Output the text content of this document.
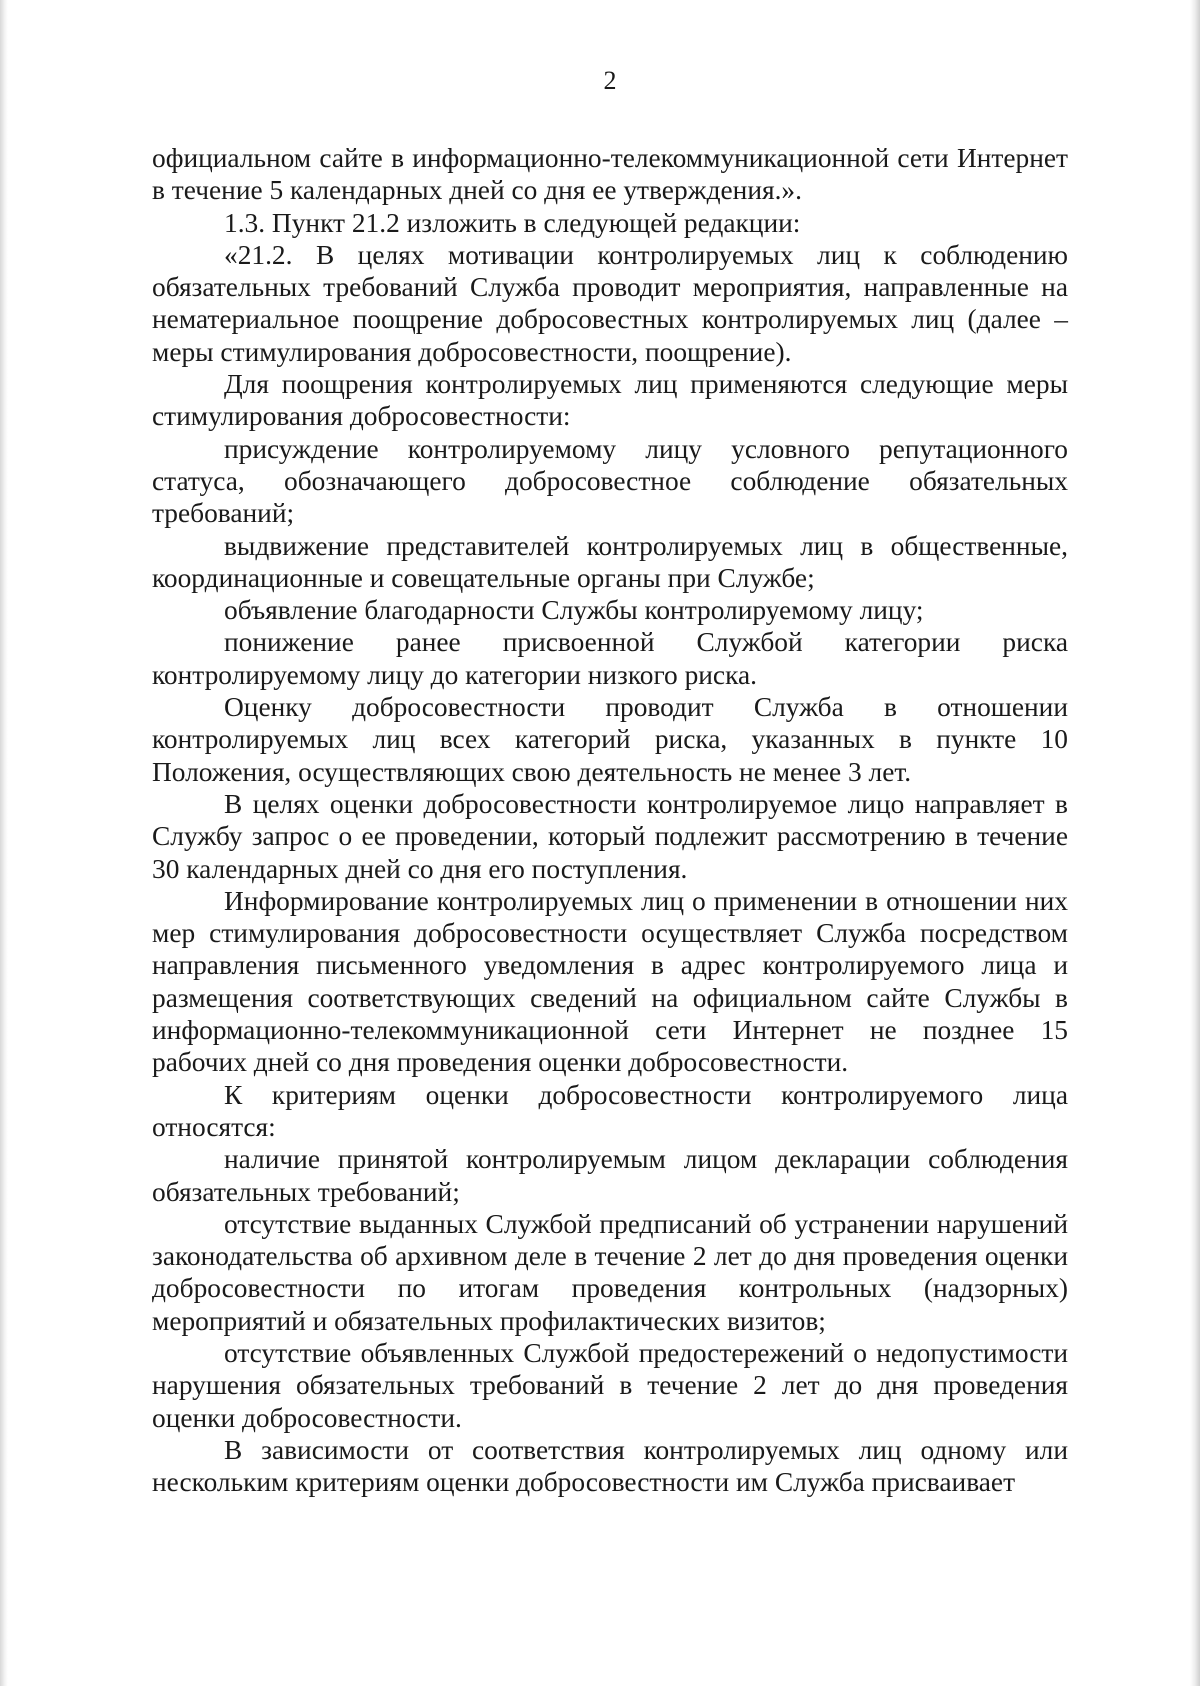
2

официальном сайте в информационно-телекоммуникационной сети Интернет в течение 5 календарных дней со дня ее утверждения.».

1.3. Пункт 21.2 изложить в следующей редакции:

«21.2. В целях мотивации контролируемых лиц к соблюдению обязательных требований Служба проводит мероприятия, направленные на нематериальное поощрение добросовестных контролируемых лиц (далее – меры стимулирования добросовестности, поощрение).

Для поощрения контролируемых лиц применяются следующие меры стимулирования добросовестности:

присуждение контролируемому лицу условного репутационного статуса, обозначающего добросовестное соблюдение обязательных требований;

выдвижение представителей контролируемых лиц в общественные, координационные и совещательные органы при Службе;

объявление благодарности Службы контролируемому лицу;

понижение ранее присвоенной Службой категории риска контролируемому лицу до категории низкого риска.

Оценку добросовестности проводит Служба в отношении контролируемых лиц всех категорий риска, указанных в пункте 10 Положения, осуществляющих свою деятельность не менее 3 лет.

В целях оценки добросовестности контролируемое лицо направляет в Службу запрос о ее проведении, который подлежит рассмотрению в течение 30 календарных дней со дня его поступления.

Информирование контролируемых лиц о применении в отношении них мер стимулирования добросовестности осуществляет Служба посредством направления письменного уведомления в адрес контролируемого лица и размещения соответствующих сведений на официальном сайте Службы в информационно-телекоммуникационной сети Интернет не позднее 15 рабочих дней со дня проведения оценки добросовестности.

К критериям оценки добросовестности контролируемого лица относятся:

наличие принятой контролируемым лицом декларации соблюдения обязательных требований;

отсутствие выданных Службой предписаний об устранении нарушений законодательства об архивном деле в течение 2 лет до дня проведения оценки добросовестности по итогам проведения контрольных (надзорных) мероприятий и обязательных профилактических визитов;

отсутствие объявленных Службой предостережений о недопустимости нарушения обязательных требований в течение 2 лет до дня проведения оценки добросовестности.

В зависимости от соответствия контролируемых лиц одному или нескольким критериям оценки добросовестности им Служба присваивает
